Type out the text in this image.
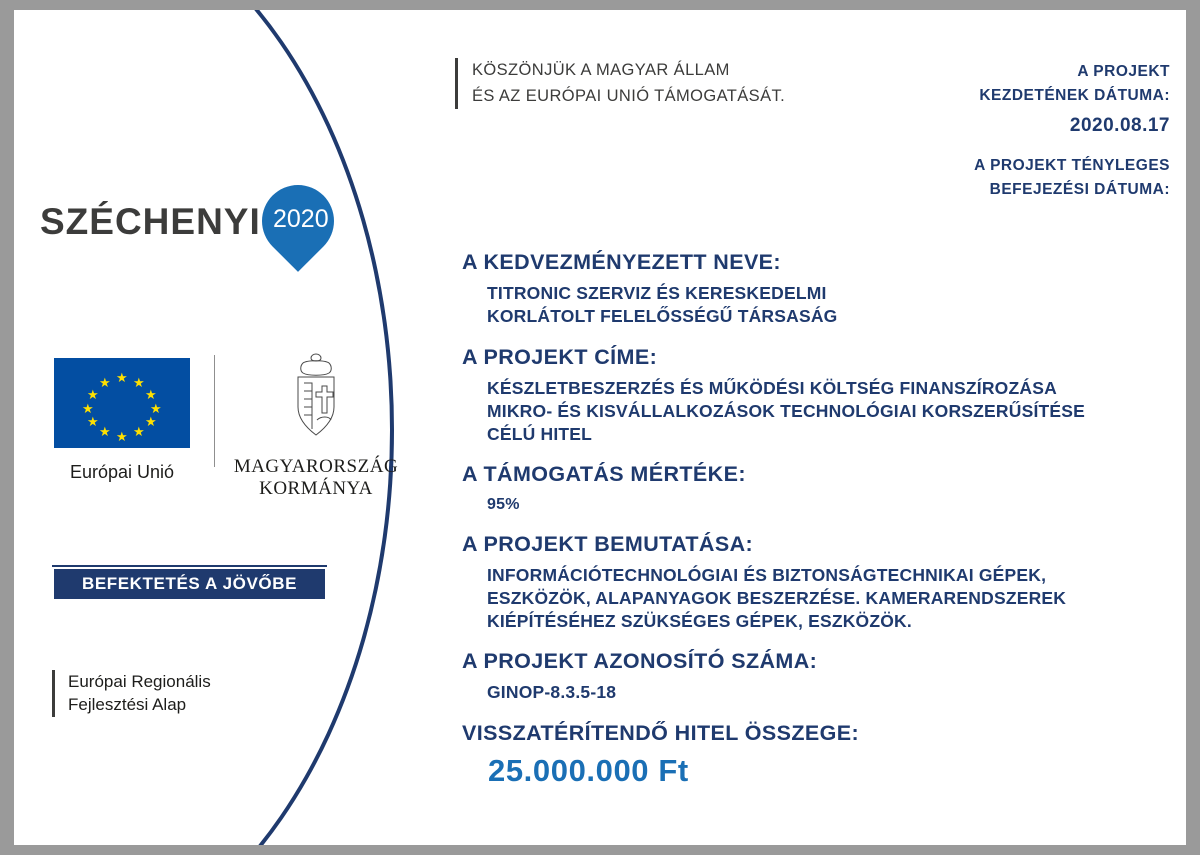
SZÉCHENYI 2020
★
★ ★
★	★
★	★
★	★
★ ★
★
Európai Unió	MAGYARORSZÁG
KORMÁNYA
BEFEKTETÉS A JÖVŐBE
Európai Regionális
Fejlesztési Alap
KÖSZÖNJÜK A MAGYAR ÁLLAM
ÉS AZ EURÓPAI UNIÓ TÁMOGATÁSÁT.
A PROJEKT
KEZDETÉNEK DÁTUMA:
2020.08.17
A PROJEKT TÉNYLEGES
BEFEJEZÉSI DÁTUMA:
A KEDVEZMÉNYEZETT NEVE:
TITRONIC SZERVIZ ÉS KERESKEDELMI
KORLÁTOLT FELELŐSSÉGŰ TÁRSASÁG
A PROJEKT CÍME:
KÉSZLETBESZERZÉS ÉS MŰKÖDÉSI KÖLTSÉG FINANSZÍROZÁSA
MIKRO- ÉS KISVÁLLALKOZÁSOK TECHNOLÓGIAI KORSZERŰSÍTÉSE
CÉLÚ HITEL
A TÁMOGATÁS MÉRTÉKE:
95%
A PROJEKT BEMUTATÁSA:
INFORMÁCIÓTECHNOLÓGIAI ÉS BIZTONSÁGTECHNIKAI GÉPEK,
ESZKÖZÖK, ALAPANYAGOK BESZERZÉSE. KAMERARENDSZEREK
KIÉPÍTÉSÉHEZ SZÜKSÉGES GÉPEK, ESZKÖZÖK.
A PROJEKT AZONOSÍTÓ SZÁMA:
GINOP-8.3.5-18
VISSZATÉRÍTENDŐ HITEL ÖSSZEGE:
25.000.000 Ft
